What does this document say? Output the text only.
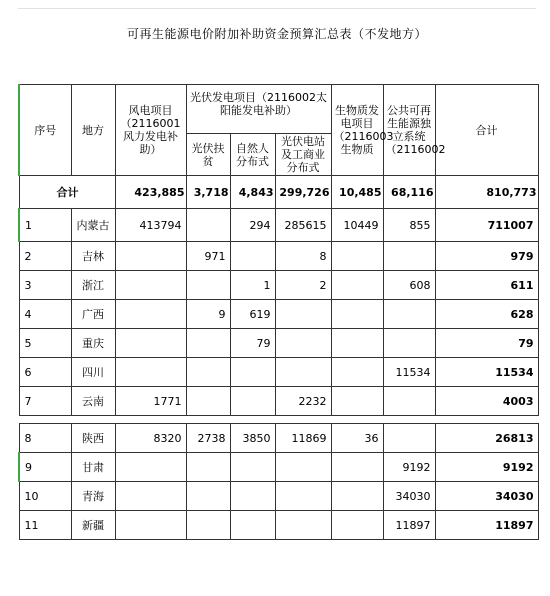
可再生能源电价附加补助资金预算汇总表（不发地方）
序号	地方	风电项目（2116001风力发电补助）	光伏发电项目（2116002太阳能发电补助）			生物质发电项目（2116003生物质	公共可再生能源独立系统（2116002	合计
			光伏扶贫	自然人分布式	光伏电站及工商业分布式			
合计		423,885	3,718	4,843	299,726	10,485	68,116	810,773
1	内蒙古	413794		294	285615	10449	855	711007
2	吉林		971		8			979
3	浙江			1	2		608	611
4	广西		9	619				628
5	重庆			79				79
6	四川						11534	11534
7	云南	1771			2232			4003

8	陕西	8320	2738	3850	11869	36		26813
9	甘肃						9192	9192
10	青海						34030	34030
11	新疆						11897	11897
